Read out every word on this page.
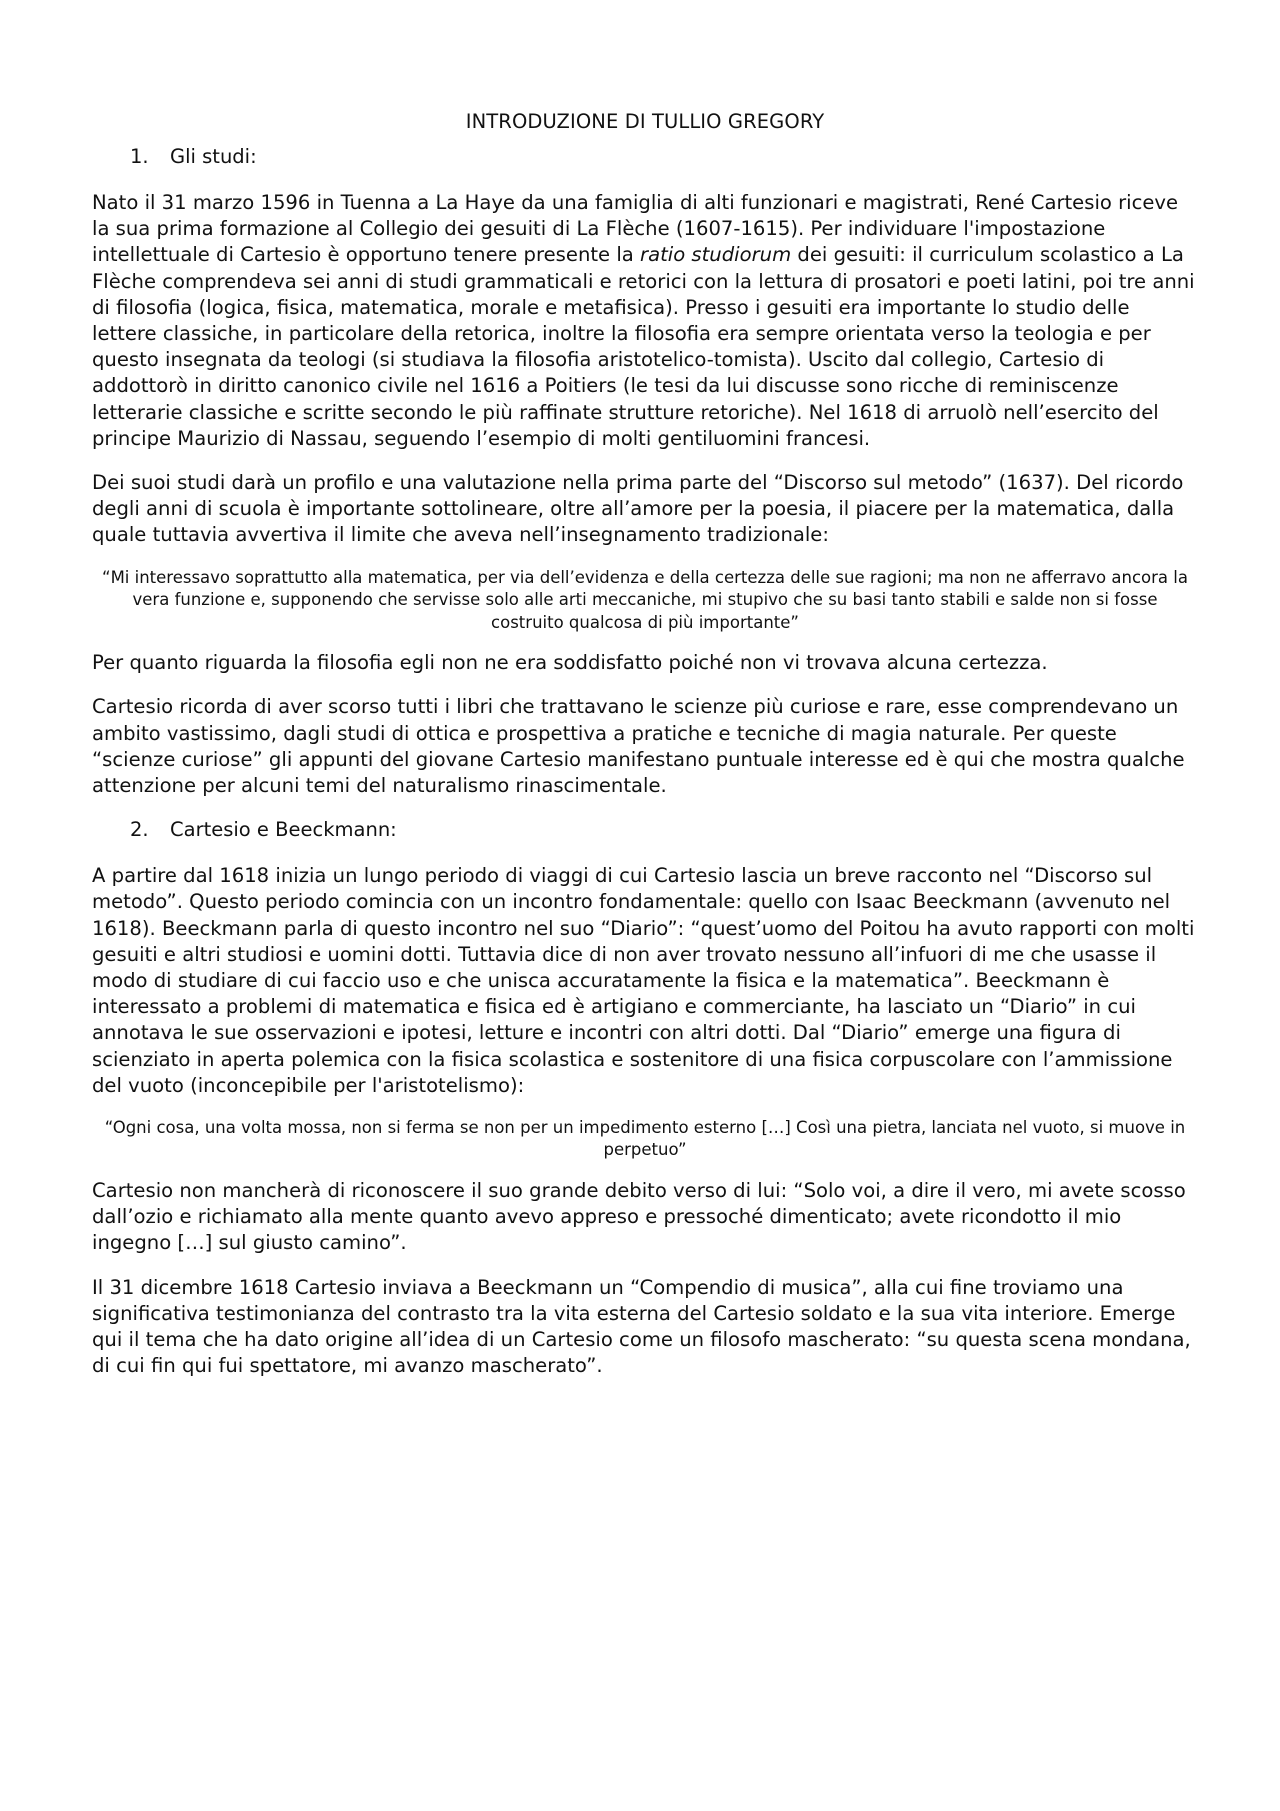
INTRODUZIONE DI TULLIO GREGORY
1. Gli studi:

Nato il 31 marzo 1596 in Tuenna a La Haye da una famiglia di alti funzionari e magistrati, René Cartesio riceve la sua prima formazione al Collegio dei gesuiti di La Flèche (1607-1615). Per individuare l'impostazione intellettuale di Cartesio è opportuno tenere presente la ratio studiorum dei gesuiti: il curriculum scolastico a La Flèche comprendeva sei anni di studi grammaticali e retorici con la lettura di prosatori e poeti latini, poi tre anni di filosofia (logica, fisica, matematica, morale e metafisica). Presso i gesuiti era importante lo studio delle lettere classiche, in particolare della retorica, inoltre la filosofia era sempre orientata verso la teologia e per questo insegnata da teologi (si studiava la filosofia aristotelico-tomista). Uscito dal collegio, Cartesio di addottorò in diritto canonico civile nel 1616 a Poitiers (le tesi da lui discusse sono ricche di reminiscenze letterarie classiche e scritte secondo le più raffinate strutture retoriche). Nel 1618 di arruolò nell’esercito del principe Maurizio di Nassau, seguendo l’esempio di molti gentiluomini francesi.

Dei suoi studi darà un profilo e una valutazione nella prima parte del “Discorso sul metodo” (1637). Del ricordo degli anni di scuola è importante sottolineare, oltre all’amore per la poesia, il piacere per la matematica, dalla quale tuttavia avvertiva il limite che aveva nell’insegnamento tradizionale:

“Mi interessavo soprattutto alla matematica, per via dell’evidenza e della certezza delle sue ragioni; ma non ne afferravo ancora la vera funzione e, supponendo che servisse solo alle arti meccaniche, mi stupivo che su basi tanto stabili e salde non si fosse costruito qualcosa di più importante”

Per quanto riguarda la filosofia egli non ne era soddisfatto poiché non vi trovava alcuna certezza.

Cartesio ricorda di aver scorso tutti i libri che trattavano le scienze più curiose e rare, esse comprendevano un ambito vastissimo, dagli studi di ottica e prospettiva a pratiche e tecniche di magia naturale. Per queste “scienze curiose” gli appunti del giovane Cartesio manifestano puntuale interesse ed è qui che mostra qualche attenzione per alcuni temi del naturalismo rinascimentale.

2. Cartesio e Beeckmann:

A partire dal 1618 inizia un lungo periodo di viaggi di cui Cartesio lascia un breve racconto nel “Discorso sul metodo”. Questo periodo comincia con un incontro fondamentale: quello con Isaac Beeckmann (avvenuto nel 1618). Beeckmann parla di questo incontro nel suo “Diario”: “quest’uomo del Poitou ha avuto rapporti con molti gesuiti e altri studiosi e uomini dotti. Tuttavia dice di non aver trovato nessuno all’infuori di me che usasse il modo di studiare di cui faccio uso e che unisca accuratamente la fisica e la matematica”. Beeckmann è interessato a problemi di matematica e fisica ed è artigiano e commerciante, ha lasciato un “Diario” in cui annotava le sue osservazioni e ipotesi, letture e incontri con altri dotti. Dal “Diario” emerge una figura di scienziato in aperta polemica con la fisica scolastica e sostenitore di una fisica corpuscolare con l’ammissione del vuoto (inconcepibile per l'aristotelismo):

“Ogni cosa, una volta mossa, non si ferma se non per un impedimento esterno […] Così una pietra, lanciata nel vuoto, si muove in perpetuo”

Cartesio non mancherà di riconoscere il suo grande debito verso di lui: “Solo voi, a dire il vero, mi avete scosso dall’ozio e richiamato alla mente quanto avevo appreso e pressoché dimenticato; avete ricondotto il mio ingegno […] sul giusto camino”.

Il 31 dicembre 1618 Cartesio inviava a Beeckmann un “Compendio di musica”, alla cui fine troviamo una significativa testimonianza del contrasto tra la vita esterna del Cartesio soldato e la sua vita interiore. Emerge qui il tema che ha dato origine all’idea di un Cartesio come un filosofo mascherato: “su questa scena mondana, di cui fin qui fui spettatore, mi avanzo mascherato”.
